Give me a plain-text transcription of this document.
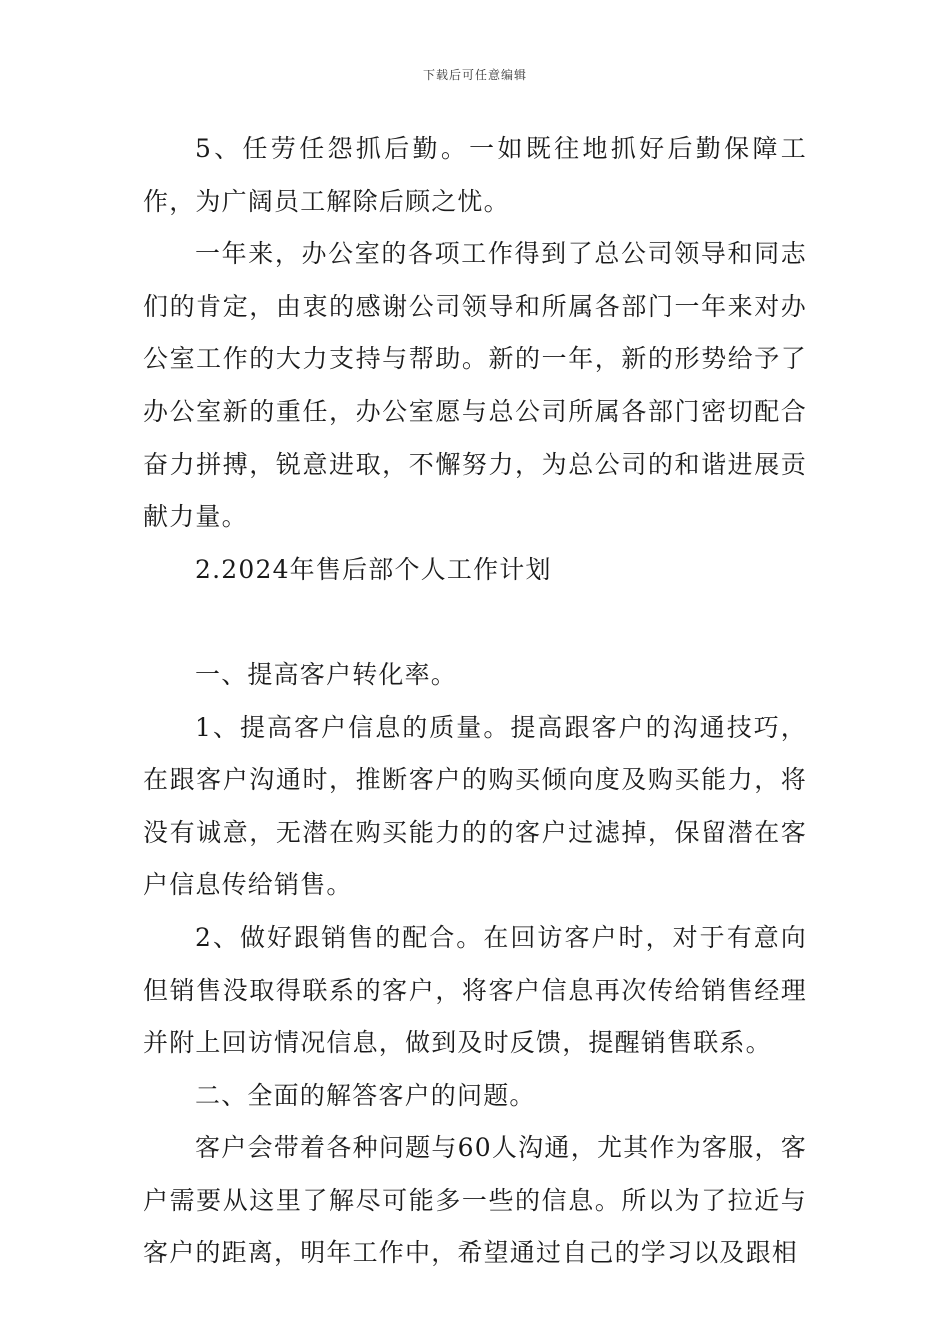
下载后可任意编辑

5、任劳任怨抓后勤。一如既往地抓好后勤保障工作，为广阔员工解除后顾之忧。

一年来，办公室的各项工作得到了总公司领导和同志们的肯定，由衷的感谢公司领导和所属各部门一年来对办公室工作的大力支持与帮助。新的一年，新的形势给予了办公室新的重任，办公室愿与总公司所属各部门密切配合奋力拼搏，锐意进取，不懈努力，为总公司的和谐进展贡献力量。

2.2024年售后部个人工作计划

一、提高客户转化率。

1、提高客户信息的质量。提高跟客户的沟通技巧，在跟客户沟通时，推断客户的购买倾向度及购买能力，将没有诚意，无潜在购买能力的的客户过滤掉，保留潜在客户信息传给销售。

2、做好跟销售的配合。在回访客户时，对于有意向但销售没取得联系的客户，将客户信息再次传给销售经理并附上回访情况信息，做到及时反馈，提醒销售联系。

二、全面的解答客户的问题。

客户会带着各种问题与60人沟通，尤其作为客服，客户需要从这里了解尽可能多一些的信息。所以为了拉近与客户的距离，明年工作中，希望通过自己的学习以及跟相
